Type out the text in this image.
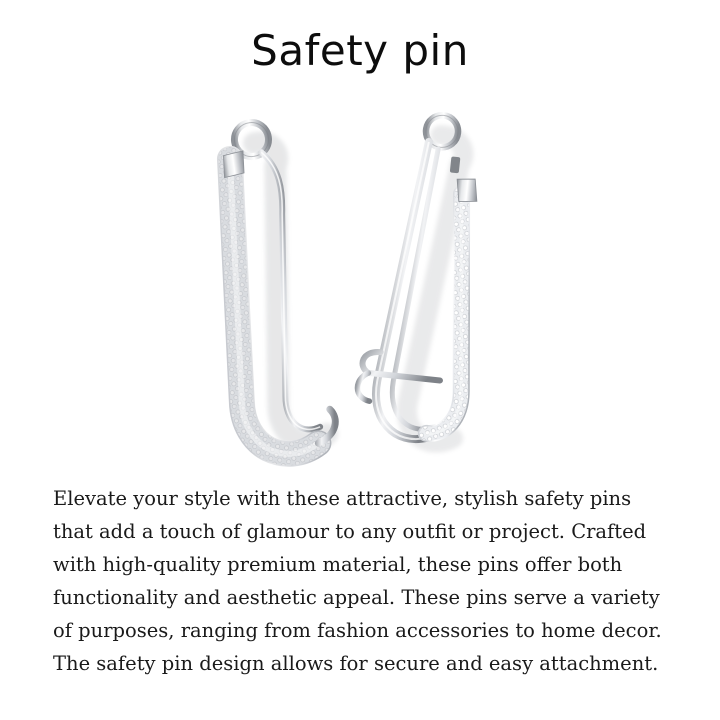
Safety pin

Elevate your style with these attractive, stylish safety pins that add a touch of glamour to any outfit or project. Crafted with high-quality premium material, these pins offer both functionality and aesthetic appeal. These pins serve a variety of purposes, ranging from fashion accessories to home decor. The safety pin design allows for secure and easy attachment.
